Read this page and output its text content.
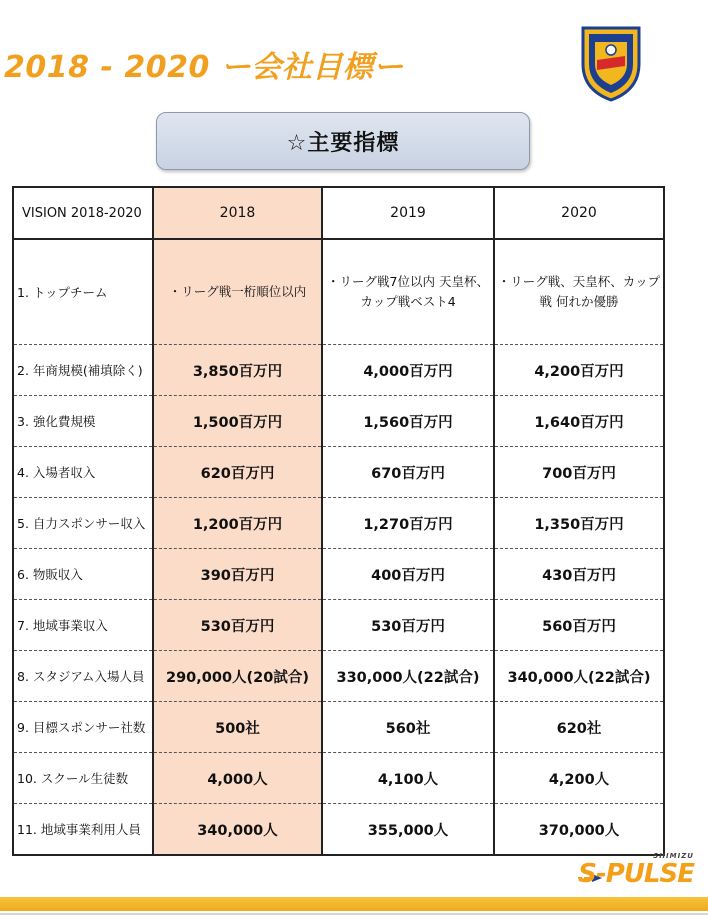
2018 - 2020 ー会社目標ー
☆主要指標
VISION 2018-2020	2018	2019	2020
1. トップチーム	・リーグ戦一桁順位以内	・リーグ戦7位以内 天皇杯、カップ戦ベスト4	・リーグ戦、天皇杯、カップ戦 何れか優勝
2. 年商規模(補填除く)	3,850百万円	4,000百万円	4,200百万円
3. 強化費規模	1,500百万円	1,560百万円	1,640百万円
4. 入場者収入	620百万円	670百万円	700百万円
5. 自力スポンサー収入	1,200百万円	1,270百万円	1,350百万円
6. 物販収入	390百万円	400百万円	430百万円
7. 地域事業収入	530百万円	530百万円	560百万円
8. スタジアム入場人員	290,000人(20試合)	330,000人(22試合)	340,000人(22試合)
9. 目標スポンサー社数	500社	560社	620社
10. スクール生徒数	4,000人	4,100人	4,200人
11. 地域事業利用人員	340,000人	355,000人	370,000人
SHIMIZU
S-PULSE
